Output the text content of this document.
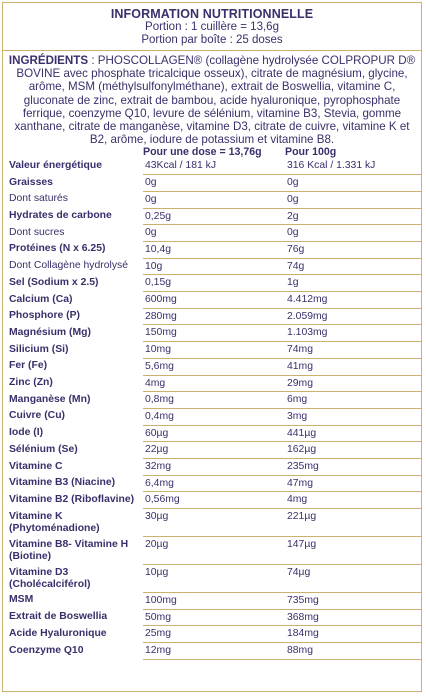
INFORMATION NUTRITIONNELLE
Portion : 1 cuillère = 13,6g
Portion par boîte : 25 doses
INGRÉDIENTS : PHOSCOLLAGEN® (collagène hydrolysée COLPROPUR D® BOVINE avec phosphate tricalcique osseux), citrate de magnésium, glycine, arôme, MSM (méthylsulfonylméthane), extrait de Boswellia, vitamine C, gluconate de zinc, extrait de bambou, acide hyaluronique, pyrophosphate ferrique, coenzyme Q10, levure de sélénium, vitamine B3, Stevia, gomme xanthane, citrate de manganèse, vitamine D3, citrate de cuivre, vitamine K et B2, arôme, iodure de potassium et vitamine B8.
	Pour une dose = 13,76g	Pour 100g
Valeur énergétique	43Kcal / 181 kJ	316 Kcal / 1.331 kJ
Graisses	0g	0g
Dont saturés	0g	0g
Hydrates de carbone	0,25g	2g
Dont sucres	0g	0g
Protéines (N x 6.25)	10,4g	76g
Dont Collagène hydrolysé	10g	74g
Sel (Sodium x 2.5)	0,15g	1g
Calcium (Ca)	600mg	4.412mg
Phosphore (P)	280mg	2.059mg
Magnésium (Mg)	150mg	1.103mg
Silicium (Si)	10mg	74mg
Fer (Fe)	5,6mg	41mg
Zinc (Zn)	4mg	29mg
Manganèse (Mn)	0,8mg	6mg
Cuivre (Cu)	0,4mg	3mg
Iode (I)	60µg	441µg
Sélénium (Se)	22µg	162µg
Vitamine C	32mg	235mg
Vitamine B3 (Niacine)	6,4mg	47mg
Vitamine B2 (Riboflavine)	0,56mg	4mg
Vitamine K (Phytoménadione)	30µg	221µg
Vitamine B8- Vitamine H (Biotine)	20µg	147µg
Vitamine D3 (Cholécalciférol)	10µg	74µg
MSM	100mg	735mg
Extrait de Boswellia	50mg	368mg
Acide Hyaluronique	25mg	184mg
Coenzyme Q10	12mg	88mg
